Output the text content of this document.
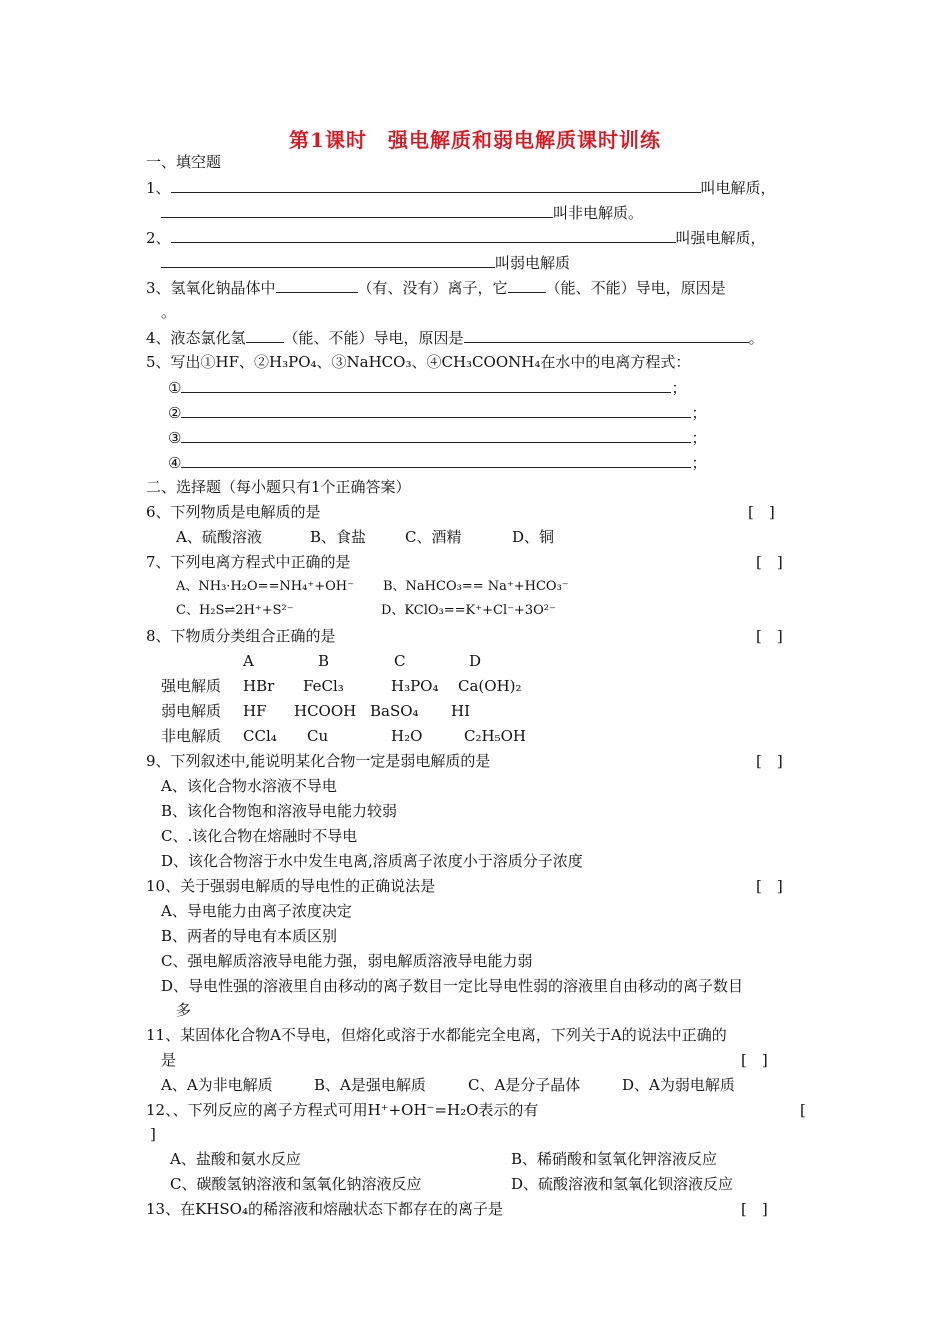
第1课时　强电解质和弱电解质课时训练
一、填空题
1、	叫电解质，
叫非电解质。
2、	叫强电解质，
叫弱电解质
3、氢氧化钠晶体中	（有、没有）离子，它	（能、不能）导电，原因是
。
4、液态氯化氢	（能、不能）导电，原因是	。
5、写出①HF、②H₃PO₄、③NaHCO₃、④CH₃COONH₄在水中的电离方程式：
①	；
②	；
③	；
④	；
二、选择题（每小题只有1个正确答案）
6、下列物质是电解质的是	[　]
A、硫酸溶液	B、食盐	C、酒精	D、铜
7、下列电离方程式中正确的是	[　]
A、NH₃·H₂O==NH₄⁺+OH⁻ B、NaHCO₃== Na⁺+HCO₃⁻
C、H₂S⇌2H⁺+S²⁻	D、KClO₃==K⁺+Cl⁻+3O²⁻
8、下物质分类组合正确的是	[　]
A	B	C	D
强电解质 HBr FeCl₃	H₃PO₄ Ca(OH)₂
弱电解质 HF HCOOH BaSO₄ HI
非电解质 CCl₄ Cu	H₂O	C₂H₅OH
9、下列叙述中,能说明某化合物一定是弱电解质的是	[　]
A、该化合物水溶液不导电
B、该化合物饱和溶液导电能力较弱
C、.该化合物在熔融时不导电
D、该化合物溶于水中发生电离,溶质离子浓度小于溶质分子浓度
10、关于强弱电解质的导电性的正确说法是	[　]
A、导电能力由离子浓度决定
B、两者的导电有本质区别
C、强电解质溶液导电能力强，弱电解质溶液导电能力弱
D、导电性强的溶液里自由移动的离子数目一定比导电性弱的溶液里自由移动的离子数目
多
11、某固体化合物A不导电，但熔化或溶于水都能完全电离，下列关于A的说法中正确的
是	[　]
A、A为非电解质	B、A是强电解质	C、A是分子晶体	D、A为弱电解质
12、、下列反应的离子方程式可用H⁺+OH⁻=H₂O表示的有	[
]
A、盐酸和氨水反应	B、稀硝酸和氢氧化钾溶液反应
C、碳酸氢钠溶液和氢氧化钠溶液反应	D、硫酸溶液和氢氧化钡溶液反应
13、在KHSO₄的稀溶液和熔融状态下都存在的离子是	[　]
